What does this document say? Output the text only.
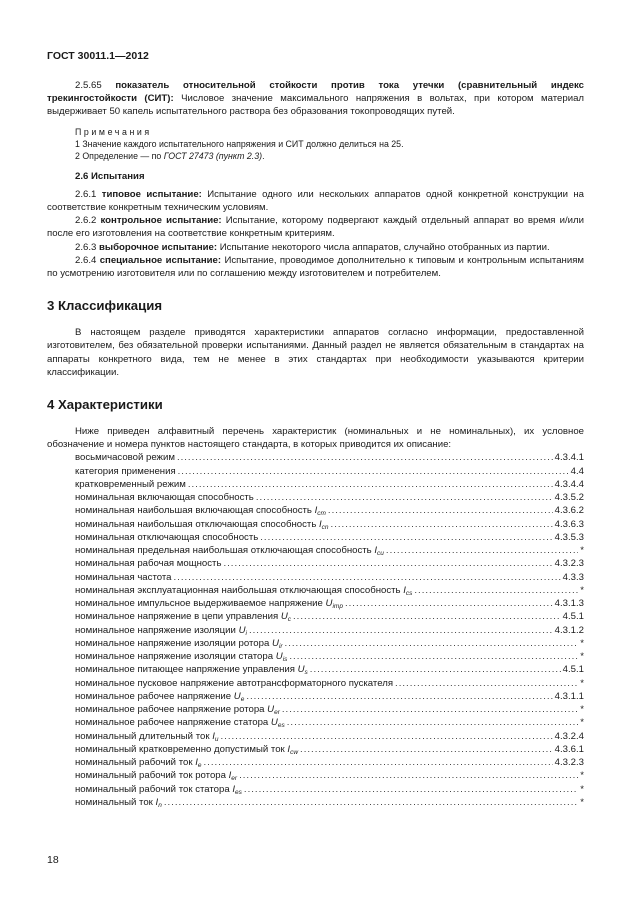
ГОСТ 30011.1—2012

2.5.65 показатель относительной стойкости против тока утечки (сравнительный индекс трекингостойкости (СИТ): Числовое значение максимального напряжения в вольтах, при котором материал выдерживает 50 капель испытательного раствора без образования токопроводящих путей.

Примечания
1 Значение каждого испытательного напряжения и СИТ должно делиться на 25.
2 Определение — по ГОСТ 27473 (пункт 2.3).
2.6 Испытания

2.6.1 типовое испытание: Испытание одного или нескольких аппаратов одной конкретной конструкции на соответствие конкретным техническим условиям.

2.6.2 контрольное испытание: Испытание, которому подвергают каждый отдельный аппарат во время и/или после его изготовления на соответствие конкретным критериям.

2.6.3 выборочное испытание: Испытание некоторого числа аппаратов, случайно отобранных из партии.

2.6.4 специальное испытание: Испытание, проводимое дополнительно к типовым и контрольным испытаниям по усмотрению изготовителя или по соглашению между изготовителем и потребителем.

3 Классификация

В настоящем разделе приводятся характеристики аппаратов согласно информации, предоставленной изготовителем, без обязательной проверки испытаниями. Данный раздел не является обязательным в стандартах на аппараты конкретного вида, тем не менее в этих стандартах при необходимости указываются критерии классификации.

4 Характеристики

Ниже приведен алфавитный перечень характеристик (номинальных и не номинальных), их условное обозначение и номера пунктов настоящего стандарта, в которых приводится их описание:

восьмичасовой режим .....	4.3.4.1
категория применения .....	4.4
кратковременный режим .....	4.3.4.4
номинальная включающая способность .....	4.3.5.2
номинальная наибольшая включающая способность $I_{cm}$ .....	4.3.6.2
номинальная наибольшая отключающая способность $I_{cn}$ .....	4.3.6.3
номинальная отключающая способность .....	4.3.5.3
номинальная предельная наибольшая отключающая способность $I_{cu}$ .....	*
номинальная рабочая мощность .....	4.3.2.3
номинальная частота .....	4.3.3
номинальная эксплуатационная наибольшая отключающая способность $I_{cs}$ .....	*
номинальное импульсное выдерживаемое напряжение $U_{imp}$ .....	4.3.1.3
номинальное напряжение в цепи управления $U_c$ .....	4.5.1
номинальное напряжение изоляции $U_i$ .....	4.3.1.2
номинальное напряжение изоляции ротора $U_{ir}$ .....	*
номинальное напряжение изоляции статора $U_{is}$ .....	*
номинальное питающее напряжение управления $U_s$ .....	4.5.1
номинальное пусковое напряжение автотрансформаторного пускателя .....	*
номинальное рабочее напряжение $U_e$ .....	4.3.1.1
номинальное рабочее напряжение ротора $U_{er}$ .....	*
номинальное рабочее напряжение статора $U_{es}$ .....	*
номинальный длительный ток $I_u$ .....	4.3.2.4
номинальный кратковременно допустимый ток $I_{cw}$ .....	4.3.6.1
номинальный рабочий ток $I_e$ .....	4.3.2.3
номинальный рабочий ток ротора $I_{er}$ .....	*
номинальный рабочий ток статора $I_{es}$ .....	*
номинальный ток $I_n$ .....	*
18
